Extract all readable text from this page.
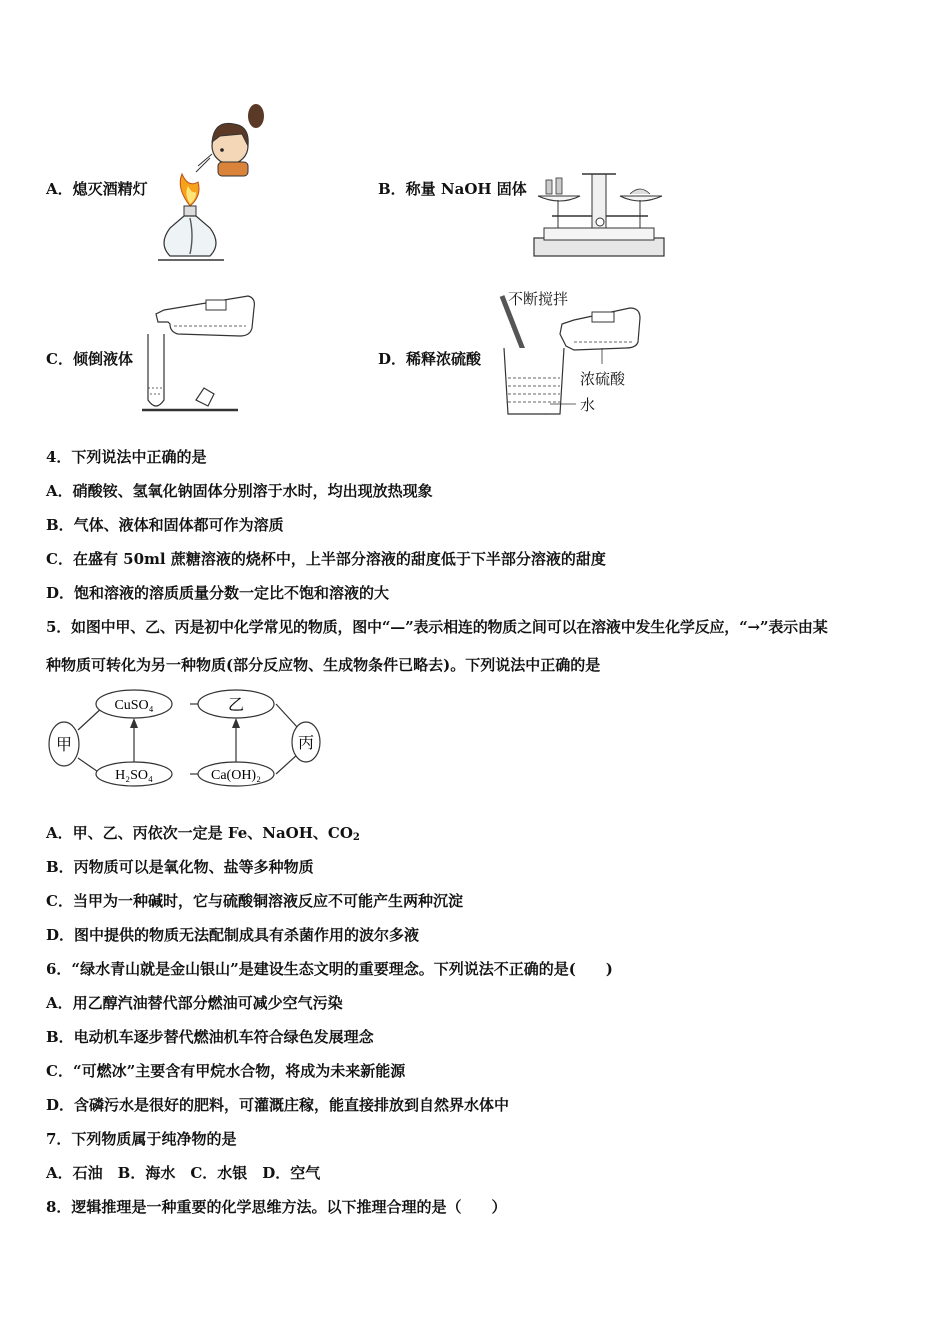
A．熄灭酒精灯	B．称量 NaOH 固体
C．倾倒液体	D．稀释浓硫酸
不断搅拌
浓硫酸
水
4．下列说法中正确的是
A．硝酸铵、氢氧化钠固体分别溶于水时，均出现放热现象
B．气体、液体和固体都可作为溶质
C．在盛有 50ml 蔗糖溶液的烧杯中，上半部分溶液的甜度低于下半部分溶液的甜度
D．饱和溶液的溶质质量分数一定比不饱和溶液的大
5．如图中甲、乙、丙是初中化学常见的物质，图中“—”表示相连的物质之间可以在溶液中发生化学反应，“→”表示由某
种物质可转化为另一种物质(部分反应物、生成物条件已略去)。下列说法中正确的是
甲
CuSO₄	乙
H₂SO₄	Ca(OH)₂
丙
A．甲、乙、丙依次一定是 Fe、NaOH、$CO_2$
B．丙物质可以是氧化物、盐等多种物质
C．当甲为一种碱时，它与硫酸铜溶液反应不可能产生两种沉淀
D．图中提供的物质无法配制成具有杀菌作用的波尔多液
6．“绿水青山就是金山银山”是建设生态文明的重要理念。下列说法不正确的是(　　)
A．用乙醇汽油替代部分燃油可减少空气污染
B．电动机车逐步替代燃油机车符合绿色发展理念
C．“可燃冰”主要含有甲烷水合物，将成为未来新能源
D．含磷污水是很好的肥料，可灌溉庄稼，能直接排放到自然界水体中
7．下列物质属于纯净物的是
A．石油　B．海水　C．水银　D．空气
8．逻辑推理是一种重要的化学思维方法。以下推理合理的是（　　）
